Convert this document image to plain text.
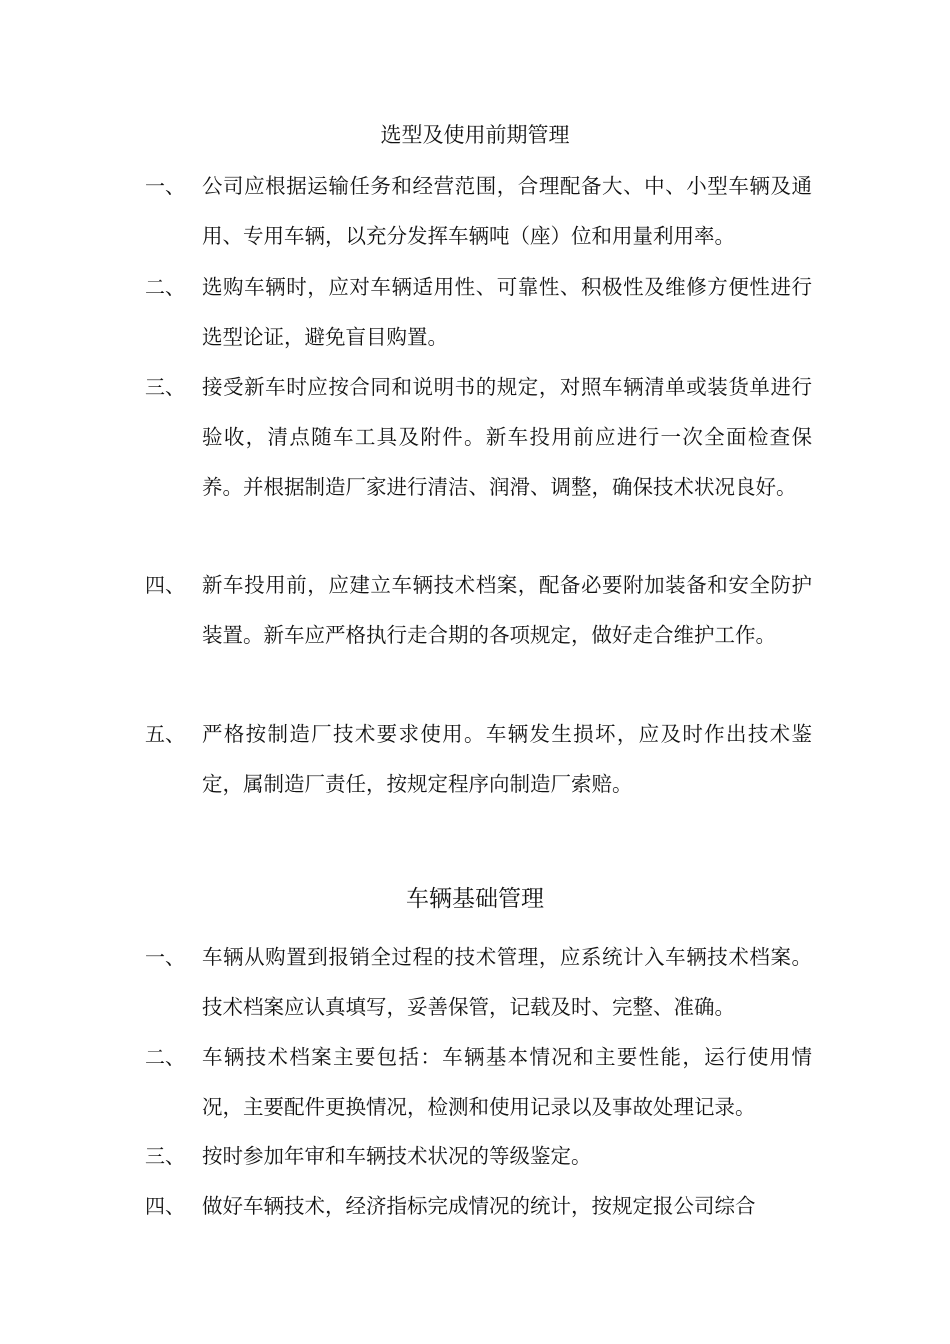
选型及使用前期管理
一、 公司应根据运输任务和经营范围，合理配备大、中、小型车辆及通用、专用车辆，以充分发挥车辆吨（座）位和用量利用率。
二、 选购车辆时，应对车辆适用性、可靠性、积极性及维修方便性进行选型论证，避免盲目购置。
三、 接受新车时应按合同和说明书的规定，对照车辆清单或装货单进行验收，清点随车工具及附件。新车投用前应进行一次全面检查保养。并根据制造厂家进行清洁、润滑、调整，确保技术状况良好。
四、 新车投用前，应建立车辆技术档案，配备必要附加装备和安全防护装置。新车应严格执行走合期的各项规定，做好走合维护工作。
五、 严格按制造厂技术要求使用。车辆发生损坏，应及时作出技术鉴定，属制造厂责任，按规定程序向制造厂索赔。
车辆基础管理
一、 车辆从购置到报销全过程的技术管理，应系统计入车辆技术档案。技术档案应认真填写，妥善保管，记载及时、完整、准确。
二、 车辆技术档案主要包括：车辆基本情况和主要性能，运行使用情况，主要配件更换情况，检测和使用记录以及事故处理记录。
三、 按时参加年审和车辆技术状况的等级鉴定。
四、 做好车辆技术，经济指标完成情况的统计，按规定报公司综合
